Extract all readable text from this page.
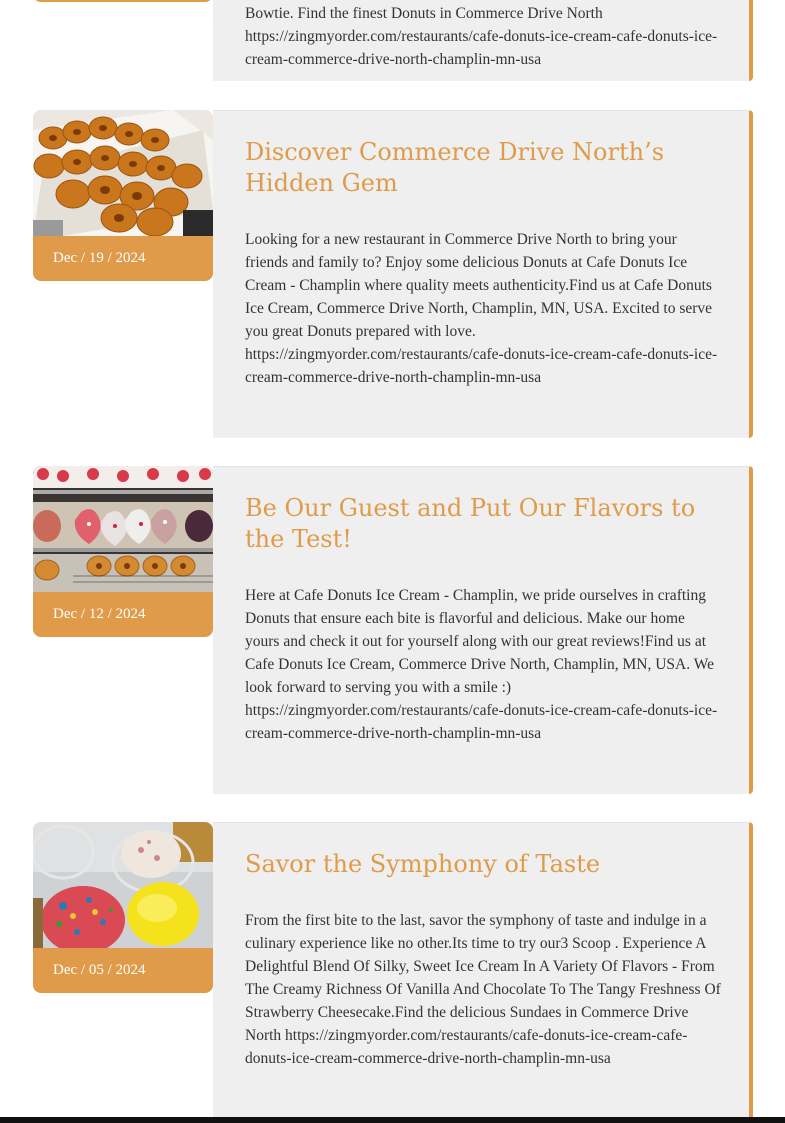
Bowtie. Find the finest Donuts in Commerce Drive North https://zingmyorder.com/restaurants/cafe-donuts-ice-cream-cafe-donuts-ice-cream-commerce-drive-north-champlin-mn-usa

Dec / 19 / 2024
Discover Commerce Drive North’s Hidden Gem

Looking for a new restaurant in Commerce Drive North to bring your friends and family to? Enjoy some delicious Donuts at Cafe Donuts Ice Cream - Champlin where quality meets authenticity.Find us at Cafe Donuts Ice Cream, Commerce Drive North, Champlin, MN, USA. Excited to serve you great Donuts prepared with love. https://zingmyorder.com/restaurants/cafe-donuts-ice-cream-cafe-donuts-ice-cream-commerce-drive-north-champlin-mn-usa

Dec / 12 / 2024
Be Our Guest and Put Our Flavors to the Test!

Here at Cafe Donuts Ice Cream - Champlin, we pride ourselves in crafting Donuts that ensure each bite is flavorful and delicious. Make our home yours and check it out for yourself along with our great reviews!Find us at Cafe Donuts Ice Cream, Commerce Drive North, Champlin, MN, USA. We look forward to serving you with a smile :) https://zingmyorder.com/restaurants/cafe-donuts-ice-cream-cafe-donuts-ice-cream-commerce-drive-north-champlin-mn-usa

Dec / 05 / 2024
Savor the Symphony of Taste

From the first bite to the last, savor the symphony of taste and indulge in a culinary experience like no other.Its time to try our3 Scoop . Experience A Delightful Blend Of Silky, Sweet Ice Cream In A Variety Of Flavors - From The Creamy Richness Of Vanilla And Chocolate To The Tangy Freshness Of Strawberry Cheesecake.Find the delicious Sundaes in Commerce Drive North https://zingmyorder.com/restaurants/cafe-donuts-ice-cream-cafe-donuts-ice-cream-commerce-drive-north-champlin-mn-usa
